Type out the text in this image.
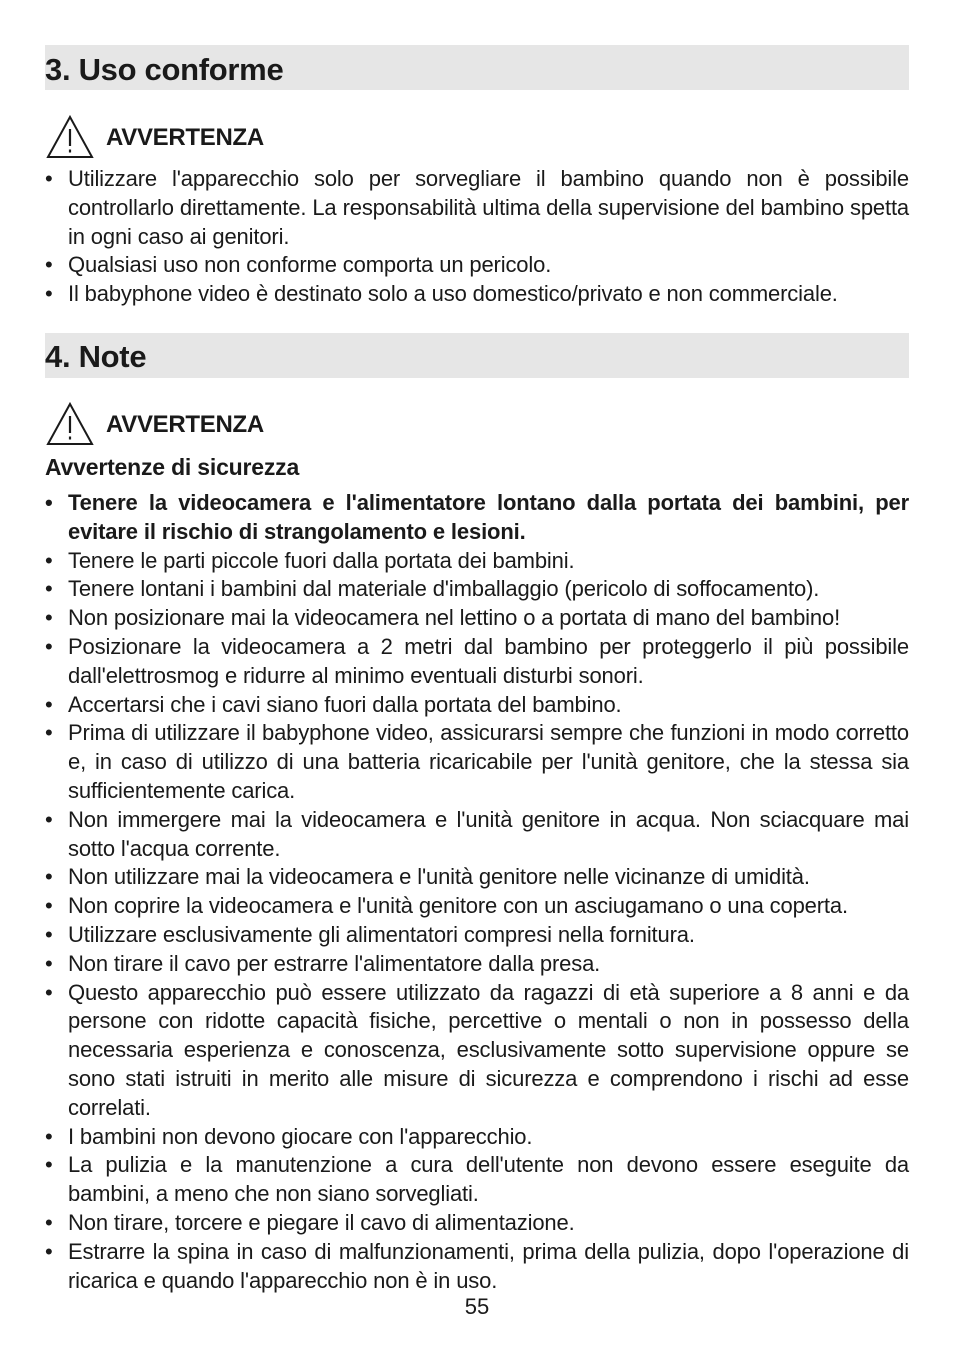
3. Uso conforme
AVVERTENZA
• Utilizzare l'apparecchio solo per sorvegliare il bambino quando non è possibile controllarlo direttamente. La responsabilità ultima della supervisione del bambino spetta in ogni caso ai genitori.
• Qualsiasi uso non conforme comporta un pericolo.
• Il babyphone video è destinato solo a uso domestico/privato e non commerciale.
4. Note
AVVERTENZA
Avvertenze di sicurezza
• Tenere la videocamera e l'alimentatore lontano dalla portata dei bambini, per evitare il rischio di strangolamento e lesioni.
• Tenere le parti piccole fuori dalla portata dei bambini.
• Tenere lontani i bambini dal materiale d'imballaggio (pericolo di soffocamento).
• Non posizionare mai la videocamera nel lettino o a portata di mano del bambino!
• Posizionare la videocamera a 2 metri dal bambino per proteggerlo il più possibile dall'elettrosmog e ridurre al minimo eventuali disturbi sonori.
• Accertarsi che i cavi siano fuori dalla portata del bambino.
• Prima di utilizzare il babyphone video, assicurarsi sempre che funzioni in modo corretto e, in caso di utilizzo di una batteria ricaricabile per l'unità genitore, che la stessa sia sufficientemente carica.
• Non immergere mai la videocamera e l'unità genitore in acqua. Non sciacquare mai sotto l'acqua corrente.
• Non utilizzare mai la videocamera e l'unità genitore nelle vicinanze di umidità.
• Non coprire la videocamera e l'unità genitore con un asciugamano o una coperta.
• Utilizzare esclusivamente gli alimentatori compresi nella fornitura.
• Non tirare il cavo per estrarre l'alimentatore dalla presa.
• Questo apparecchio può essere utilizzato da ragazzi di età superiore a 8 anni e da persone con ridotte capacità fisiche, percettive o mentali o non in possesso della necessaria esperienza e conoscenza, esclusivamente sotto supervisione oppure se sono stati istruiti in merito alle misure di sicurezza e comprendono i rischi ad esse correlati.
• I bambini non devono giocare con l'apparecchio.
• La pulizia e la manutenzione a cura dell'utente non devono essere eseguite da bambini, a meno che non siano sorvegliati.
• Non tirare, torcere e piegare il cavo di alimentazione.
• Estrarre la spina in caso di malfunzionamenti, prima della pulizia, dopo l'operazione di ricarica e quando l'apparecchio non è in uso.
55
